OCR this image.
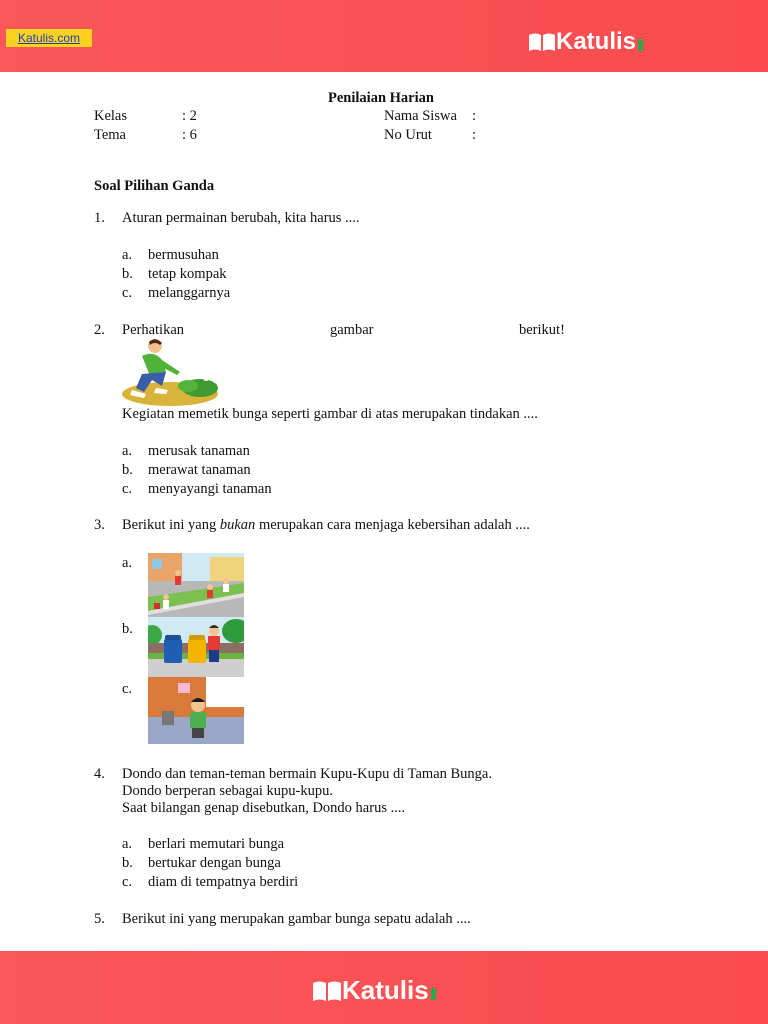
Katulis.com	Katulis
Penilaian Harian
Kelas	: 2
Tema	: 6
Nama Siswa :
No Urut	:
Soal Pilihan Ganda
1. Aturan permainan berubah, kita harus ....
a. bermusuhan
b. tetap kompak
c. melanggarnya
2. Perhatikan	gambar	berikut!
Kegiatan memetik bunga seperti gambar di atas merupakan tindakan ....
a. merusak tanaman
b. merawat tanaman
c. menyayangi tanaman
3. Berikut ini yang bukan merupakan cara menjaga kebersihan adalah ....
a.
b.
c.
4. Dondo dan teman-teman bermain Kupu-Kupu di Taman Bunga.
Dondo berperan sebagai kupu-kupu.
Saat bilangan genap disebutkan, Dondo harus ....
a. berlari memutari bunga
b. bertukar dengan bunga
c. diam di tempatnya berdiri
5. Berikut ini yang merupakan gambar bunga sepatu adalah ....
Katulis
